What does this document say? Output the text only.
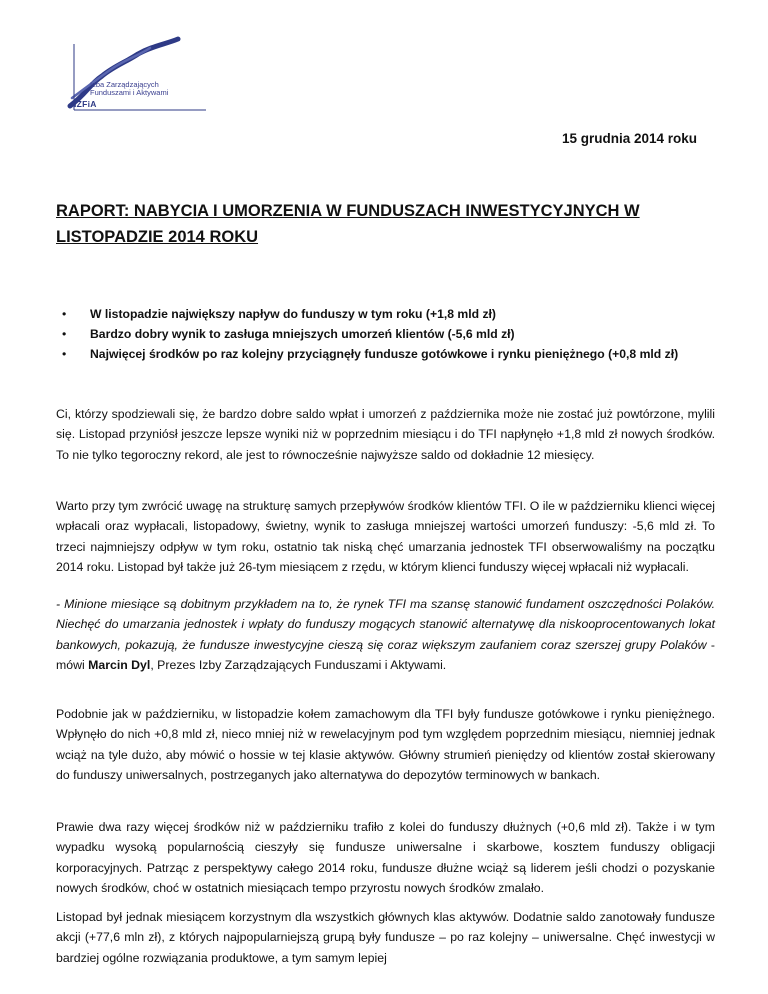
Izba Zarządzających
Funduszami i Aktywami
IZFiA
15 grudnia 2014 roku
RAPORT: NABYCIA I UMORZENIA W FUNDUSZACH INWESTYCYJNYCH W LISTOPADZIE 2014 ROKU
• W listopadzie największy napływ do funduszy w tym roku (+1,8 mld zł)
• Bardzo dobry wynik to zasługa mniejszych umorzeń klientów (-5,6 mld zł)
• Najwięcej środków po raz kolejny przyciągnęły fundusze gotówkowe i rynku pieniężnego (+0,8 mld zł)

Ci, którzy spodziewali się, że bardzo dobre saldo wpłat i umorzeń z października może nie zostać już powtórzone, mylili się. Listopad przyniósł jeszcze lepsze wyniki niż w poprzednim miesiącu i do TFI napłynęło +1,8 mld zł nowych środków. To nie tylko tegoroczny rekord, ale jest to równocześnie najwyższe saldo od dokładnie 12 miesięcy.

Warto przy tym zwrócić uwagę na strukturę samych przepływów środków klientów TFI. O ile w październiku klienci więcej wpłacali oraz wypłacali, listopadowy, świetny, wynik to zasługa mniejszej wartości umorzeń funduszy: -5,6 mld zł. To trzeci najmniejszy odpływ w tym roku, ostatnio tak niską chęć umarzania jednostek TFI obserwowaliśmy na początku 2014 roku. Listopad był także już 26-tym miesiącem z rzędu, w którym klienci funduszy więcej wpłacali niż wypłacali.

- Minione miesiące są dobitnym przykładem na to, że rynek TFI ma szansę stanowić fundament oszczędności Polaków. Niechęć do umarzania jednostek i wpłaty do funduszy mogących stanowić alternatywę dla niskooprocentowanych lokat bankowych, pokazują, że fundusze inwestycyjne cieszą się coraz większym zaufaniem coraz szerszej grupy Polaków - mówi Marcin Dyl, Prezes Izby Zarządzających Funduszami i Aktywami.

Podobnie jak w październiku, w listopadzie kołem zamachowym dla TFI były fundusze gotówkowe i rynku pieniężnego. Wpłynęło do nich +0,8 mld zł, nieco mniej niż w rewelacyjnym pod tym względem poprzednim miesiącu, niemniej jednak wciąż na tyle dużo, aby mówić o hossie w tej klasie aktywów. Główny strumień pieniędzy od klientów został skierowany do funduszy uniwersalnych, postrzeganych jako alternatywa do depozytów terminowych w bankach.

Prawie dwa razy więcej środków niż w październiku trafiło z kolei do funduszy dłużnych (+0,6 mld zł). Także i w tym wypadku wysoką popularnością cieszyły się fundusze uniwersalne i skarbowe, kosztem funduszy obligacji korporacyjnych. Patrząc z perspektywy całego 2014 roku, fundusze dłużne wciąż są liderem jeśli chodzi o pozyskanie nowych środków, choć w ostatnich miesiącach tempo przyrostu nowych środków zmalało.

Listopad był jednak miesiącem korzystnym dla wszystkich głównych klas aktywów. Dodatnie saldo zanotowały fundusze akcji (+77,6 mln zł), z których najpopularniejszą grupą były fundusze – po raz kolejny – uniwersalne. Chęć inwestycji w bardziej ogólne rozwiązania produktowe, a tym samym lepiej
